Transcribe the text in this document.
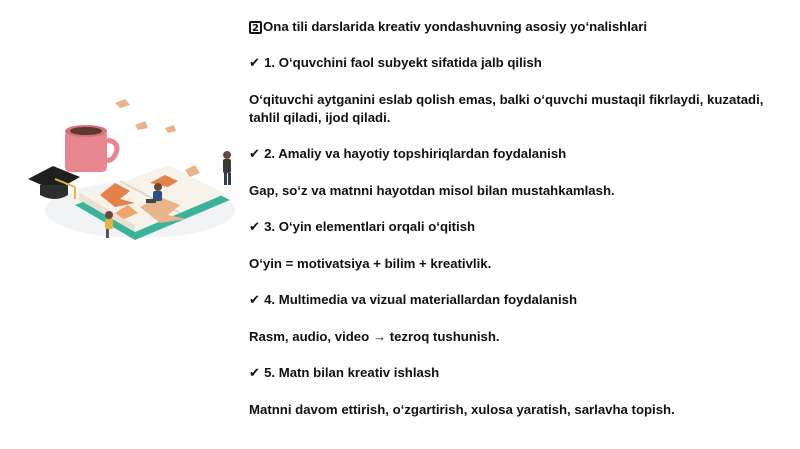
2 Ona tili darslarida kreativ yondashuvning asosiy yo‘nalishlari

✔ 1. O‘quvchini faol subyekt sifatida jalb qilish

O‘qituvchi aytganini eslab qolish emas, balki o‘quvchi mustaqil fikrlaydi, kuzatadi, tahlil qiladi, ijod qiladi.

✔ 2. Amaliy va hayotiy topshiriqlardan foydalanish

Gap, so‘z va matnni hayotdan misol bilan mustahkamlash.

✔ 3. O‘yin elementlari orqali o‘qitish

O‘yin = motivatsiya + bilim + kreativlik.

✔ 4. Multimedia va vizual materiallardan foydalanish

Rasm, audio, video → tezroq tushunish.

✔ 5. Matn bilan kreativ ishlash

Matnni davom ettirish, o‘zgartirish, xulosa yaratish, sarlavha topish.
